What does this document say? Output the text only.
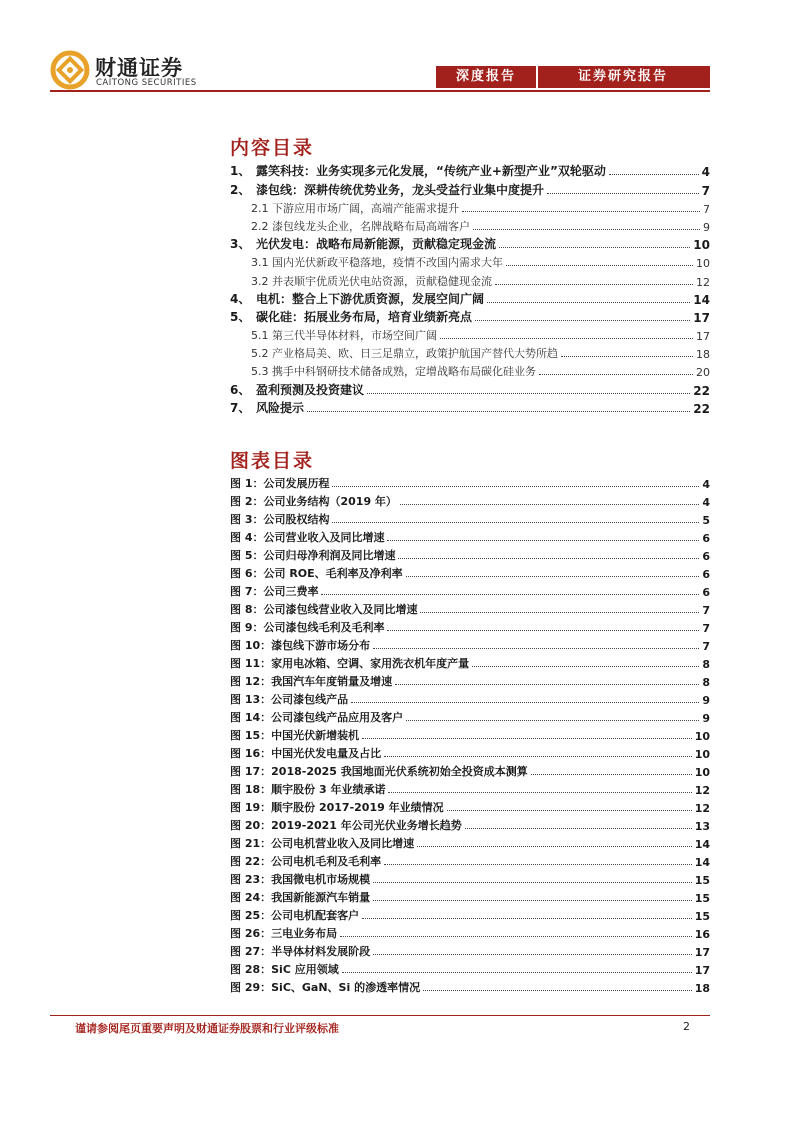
财通证券
CAITONG SECURITIES	深度报告	证券研究报告
内容目录
1、 露笑科技：业务实现多元化发展，“传统产业+新型产业”双轮驱动	4
2、 漆包线：深耕传统优势业务，龙头受益行业集中度提升	7
2.1 下游应用市场广阔，高端产能需求提升	7
2.2 漆包线龙头企业，名牌战略布局高端客户	9
3、 光伏发电：战略布局新能源，贡献稳定现金流	10
3.1 国内光伏新政平稳落地，疫情不改国内需求大年	10
3.2 并表顺宇优质光伏电站资源，贡献稳健现金流	12
4、 电机：整合上下游优质资源，发展空间广阔	14
5、 碳化硅：拓展业务布局，培育业绩新亮点	17
5.1 第三代半导体材料，市场空间广阔	17
5.2 产业格局美、欧、日三足鼎立，政策护航国产替代大势所趋	18
5.3 携手中科钢研技术储备成熟，定增战略布局碳化硅业务	20
6、 盈利预测及投资建议	22
7、 风险提示	22
图表目录
图 1：公司发展历程	4
图 2：公司业务结构（2019 年）	4
图 3：公司股权结构	5
图 4：公司营业收入及同比增速	6
图 5：公司归母净利润及同比增速	6
图 6：公司 ROE、毛利率及净利率	6
图 7：公司三费率	6
图 8：公司漆包线营业收入及同比增速	7
图 9：公司漆包线毛利及毛利率	7
图 10：漆包线下游市场分布	7
图 11：家用电冰箱、空调、家用洗衣机年度产量	8
图 12：我国汽车年度销量及增速	8
图 13：公司漆包线产品	9
图 14：公司漆包线产品应用及客户	9
图 15：中国光伏新增装机	10
图 16：中国光伏发电量及占比	10
图 17：2018-2025 我国地面光伏系统初始全投资成本测算	10
图 18：顺宇股份 3 年业绩承诺	12
图 19：顺宇股份 2017-2019 年业绩情况	12
图 20：2019-2021 年公司光伏业务增长趋势	13
图 21：公司电机营业收入及同比增速	14
图 22：公司电机毛利及毛利率	14
图 23：我国微电机市场规模	15
图 24：我国新能源汽车销量	15
图 25：公司电机配套客户	15
图 26：三电业务布局	16
图 27：半导体材料发展阶段	17
图 28：SiC 应用领域	17
图 29：SiC、GaN、Si 的渗透率情况	18
谨请参阅尾页重要声明及财通证券股票和行业评级标准	2
